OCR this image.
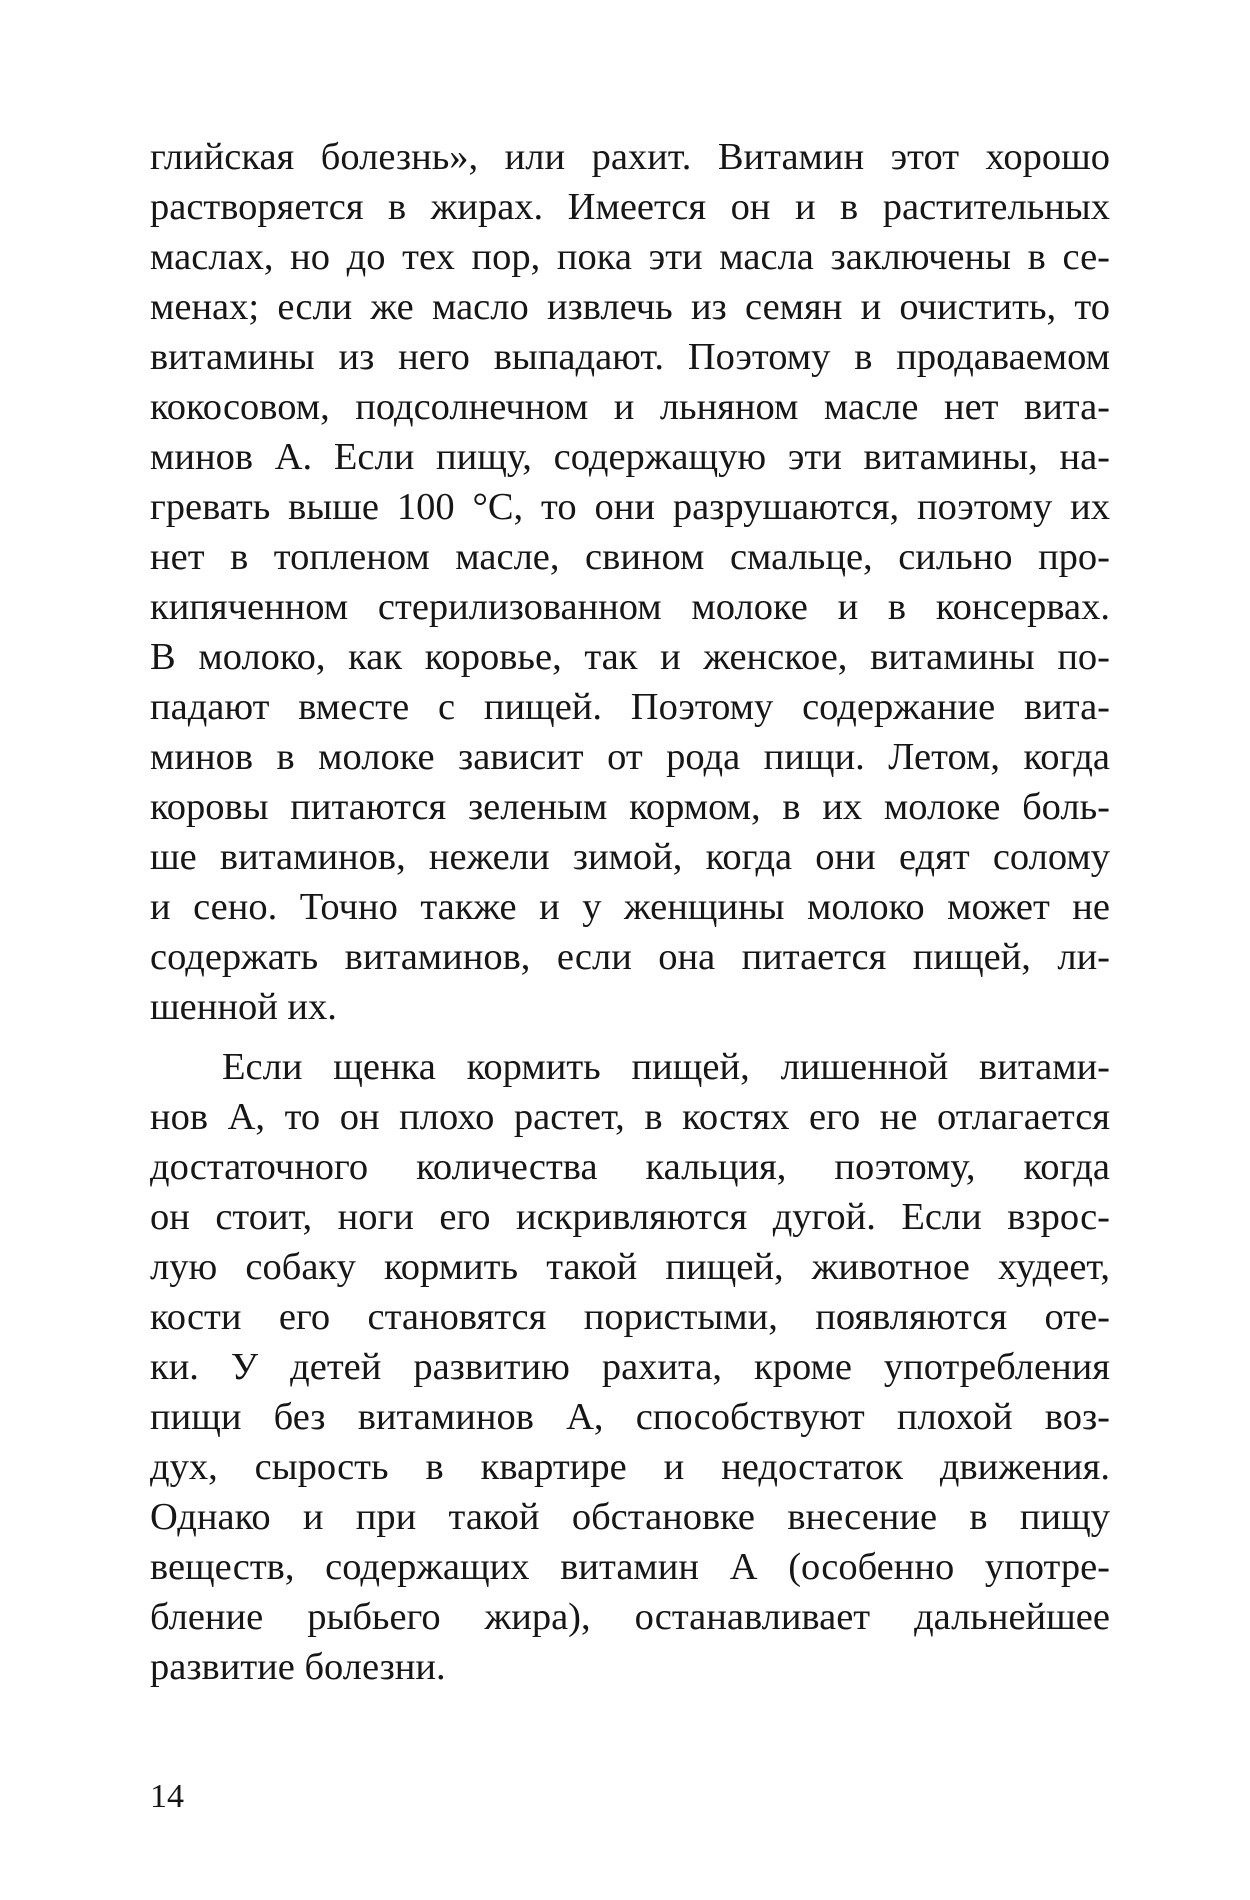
глийская болезнь», или рахит. Витамин этот хорошо
растворяется в жирах. Имеется он и в растительных
маслах, но до тех пор, пока эти масла заключены в се-
менах; если же масло извлечь из семян и очистить, то
витамины из него выпадают. Поэтому в продаваемом
кокосовом, подсолнечном и льняном масле нет вита-
минов А. Если пищу, содержащую эти витамины, на-
гревать выше 100 °С, то они разрушаются, поэтому их
нет в топленом масле, свином смальце, сильно про-
кипяченном стерилизованном молоке и в консервах.
В молоко, как коровье, так и женское, витамины по-
падают вместе с пищей. Поэтому содержание вита-
минов в молоке зависит от рода пищи. Летом, когда
коровы питаются зеленым кормом, в их молоке боль-
ше витаминов, нежели зимой, когда они едят солому
и сено. Точно также и у женщины молоко может не
содержать витаминов, если она питается пищей, ли-
шенной их.
Если щенка кормить пищей, лишенной витами-
нов А, то он плохо растет, в костях его не отлагается
достаточного количества кальция, поэтому, когда
он стоит, ноги его искривляются дугой. Если взрос-
лую собаку кормить такой пищей, животное худеет,
кости его становятся пористыми, появляются оте-
ки. У детей развитию рахита, кроме употребления
пищи без витаминов А, способствуют плохой воз-
дух, сырость в квартире и недостаток движения.
Однако и при такой обстановке внесение в пищу
веществ, содержащих витамин А (особенно употре-
бление рыбьего жира), останавливает дальнейшее
развитие болезни.
14
